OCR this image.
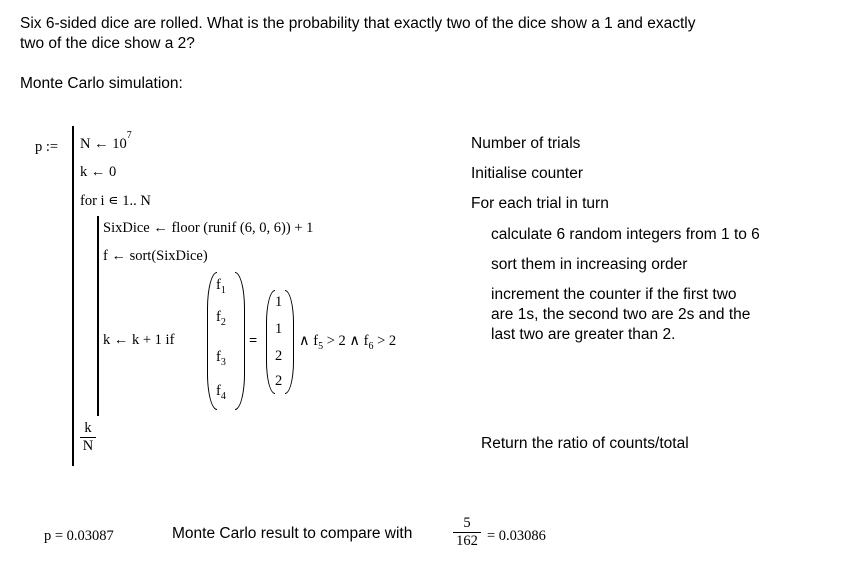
Six 6-sided dice are rolled. What is the probability that exactly two of the dice show a 1 and exactly
two of the dice show a 2?
Monte Carlo simulation:
p := N ← $10^7$
k ← 0
for i ∊ 1.. N
SixDice ← floor (runif (6, 0, 6)) + 1
f ← sort(SixDice)
k ← k + 1 if
$f_1$
$f_2$
$f_3$
$f_4$
=
1
1
2
2
∧ $f_5 > 2$ ∧ $f_6 > 2$
k
N
Number of trials
Initialise counter
For each trial in turn
calculate 6 random integers from 1 to 6
sort them in increasing order
increment the counter if the first two
are 1s, the second two are 2s and the
last two are greater than 2.
Return the ratio of counts/total
p = 0.03087	Monte Carlo result to compare with
5
162 = 0.03086
